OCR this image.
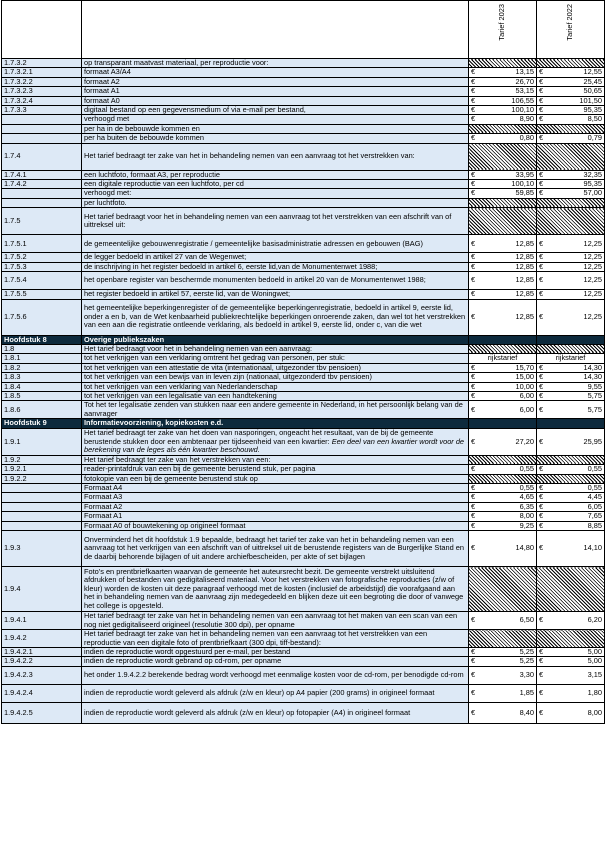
		Tarief 2023	Tarief 2022
1.7.3.2	op transparant maatvast materiaal, per reproductie voor:		
1.7.3.2.1	formaat A3/A4	€ 13,15	€ 12,55
1.7.3.2.2	formaat A2	€ 26,70	€ 25,45
1.7.3.2.3	formaat A1	€ 53,15	€ 50,65
1.7.3.2.4	formaat A0	€ 106,55	€ 101,50
1.7.3.3	digitaal bestand op een gegevensmedium of via e-mail per bestand,	€ 100,10	€ 95,35
	verhoogd met	€ 8,90	€ 8,50
	per ha in de bebouwde kommen en		
	per ha buiten de bebouwde kommen	€ 0,80	€ 0,79
1.7.4	Het tarief bedraagt ter zake van het in behandeling nemen van een aanvraag tot het verstrekken van:		
1.7.4.1	een luchtfoto, formaat A3, per reproductie	€ 33,95	€ 32,35
1.7.4.2	een digitale reproductie van een luchtfoto, per cd	€ 100,10	€ 95,35
	verhoogd met:	€ 59,85	€ 57,00
	per luchtfoto.		
1.7.5	Het tarief bedraagt voor het in behandeling nemen van een aanvraag tot het verstrekken van een afschrift van of uittreksel uit:		
1.7.5.1	de gemeentelijke gebouwenregistratie / gemeentelijke basisadministratie adressen en gebouwen (BAG)	€ 12,85	€ 12,25
1.7.5.2	de legger bedoeld in artikel 27 van de Wegenwet;	€ 12,85	€ 12,25
1.7.5.3	de inschrijving in het register bedoeld in artikel 6, eerste lid,van de Monumentenwet 1988;	€ 12,85	€ 12,25
1.7.5.4	het openbare register van beschermde monumenten bedoeld in artikel 20 van de Monumentenwet 1988;	€ 12,85	€ 12,25
1.7.5.5	het register bedoeld in artikel 57, eerste lid, van de Woningwet;	€ 12,85	€ 12,25
1.7.5.6	het gemeentelijke beperkingenregister of de gemeentelijke beperkingenregistratie, bedoeld in artikel 9, eerste lid, onder a en b, van de Wet kenbaarheid publiekrechtelijke beperkingen onroerende zaken, dan wel tot het verstrekken van een aan die registratie ontleende verklaring, als bedoeld in artikel 9, eerste lid, onder c, van die wet	€ 12,85	€ 12,25
Hoofdstuk 8	Overige publiekszaken		
1.8	Het tarief bedraagt voor het in behandeling nemen van een aanvraag:		
1.8.1	tot het verkrijgen van een verklaring omtrent het gedrag van personen, per stuk:	rijkstarief	rijkstarief
1.8.2	tot het verkrijgen van een attestatie de vita (internationaal, uitgezonder tbv pensioen)	€ 15,70	€ 14,30
1.8.3	tot het verkrijgen van een bewijs van in leven zijn (nationaal, uitgezonderd tbv pensioen)	€ 15,00	€ 14,30
1.8.4	tot het verkrijgen van een verklaring van Nederlanderschap	€ 10,00	€ 9,55
1.8.5	tot het verkrijgen van een legalisatie van een handtekening	€ 6,00	€ 5,75
1.8.6	Tot het ter legalisatie zenden van stukken naar een andere gemeente in Nederland, in het persoonlijk belang van de aanvrager	€ 6,00	€ 5,75
Hoofdstuk 9	Informatievoorziening, kopiekosten e.d.		
1.9.1	Het tarief bedraagt ter zake van het doen van nasporingen, ongeacht het resultaat, van de bij de gemeente berustende stukken door een ambtenaar per tijdseenheid van een kwartier: Een deel van een kwartier wordt voor de berekening van de leges als één kwartier beschouwd.	€ 27,20	€ 25,95
1.9.2	Het tarief bedraagt ter zake van het verstrekken van een:		
1.9.2.1	reader-printafdruk van een bij de gemeente berustend stuk, per pagina	€ 0,55	€ 0,55
1.9.2.2	fotokopie van een bij de gemeente berustend stuk op		
	Formaat A4	€ 0,55	€ 0,55
	Formaat A3	€ 4,65	€ 4,45
	Formaat A2	€ 6,35	€ 6,05
	Formaat A1	€ 8,00	€ 7,65
	Formaat A0 of bouwtekening op origineel formaat	€ 9,25	€ 8,85
1.9.3	Onverminderd het dit hoofdstuk 1.9 bepaalde, bedraagt het tarief ter zake van het in behandeling nemen van een aanvraag tot het verkrijgen van een afschrift van of uittreksel uit de berustende registers van de Burgerlijke Stand en de daarbij behorende bijlagen of uit andere archiefbescheiden, per akte of set bijlagen	€ 14,80	€ 14,10
1.9.4	Foto's en prentbriefkaarten waarvan de gemeente het auteursrecht bezit. De gemeente verstrekt uitsluitend afdrukken of bestanden van gedigitaliseerd materiaal. Voor het verstrekken van fotografische reproducties (z/w of kleur) worden de kosten uit deze paragraaf verhoogd met de kosten (inclusief de arbeidstijd) die voorafgaand aan het in behandeling nemen van de aanvraag zijn medegedeeld en blijken deze uit een begroting die door of vanwege het college is opgesteld.		
1.9.4.1	Het tarief bedraagt ter zake van het in behandeling nemen van een aanvraag tot het maken van een scan van een nog niet gedigitaliseerd origineel (resolutie 300 dpi), per opname	€ 6,50	€ 6,20
1.9.4.2	Het tarief bedraagt ter zake van het in behandeling nemen van een aanvraag tot het verstrekken van een reproductie van een digitale foto of prentbriefkaart (300 dpi, tiff-bestand):		
1.9.4.2.1	indien de reproductie wordt opgestuurd per e-mail, per bestand	€ 5,25	€ 5,00
1.9.4.2.2	indien de reproductie wordt gebrand op cd-rom, per opname	€ 5,25	€ 5,00
1.9.4.2.3	het onder 1.9.4.2.2 berekende bedrag wordt verhoogd met eenmalige kosten voor de cd-rom, per benodigde cd-rom	€ 3,30	€ 3,15
1.9.4.2.4	indien de reproductie wordt geleverd als afdruk (z/w en kleur) op A4 papier (200 grams) in origineel formaat	€ 1,85	€ 1,80
1.9.4.2.5	indien de reproductie wordt geleverd als afdruk (z/w en kleur) op fotopapier (A4) in origineel formaat	€ 8,40	€ 8,00
